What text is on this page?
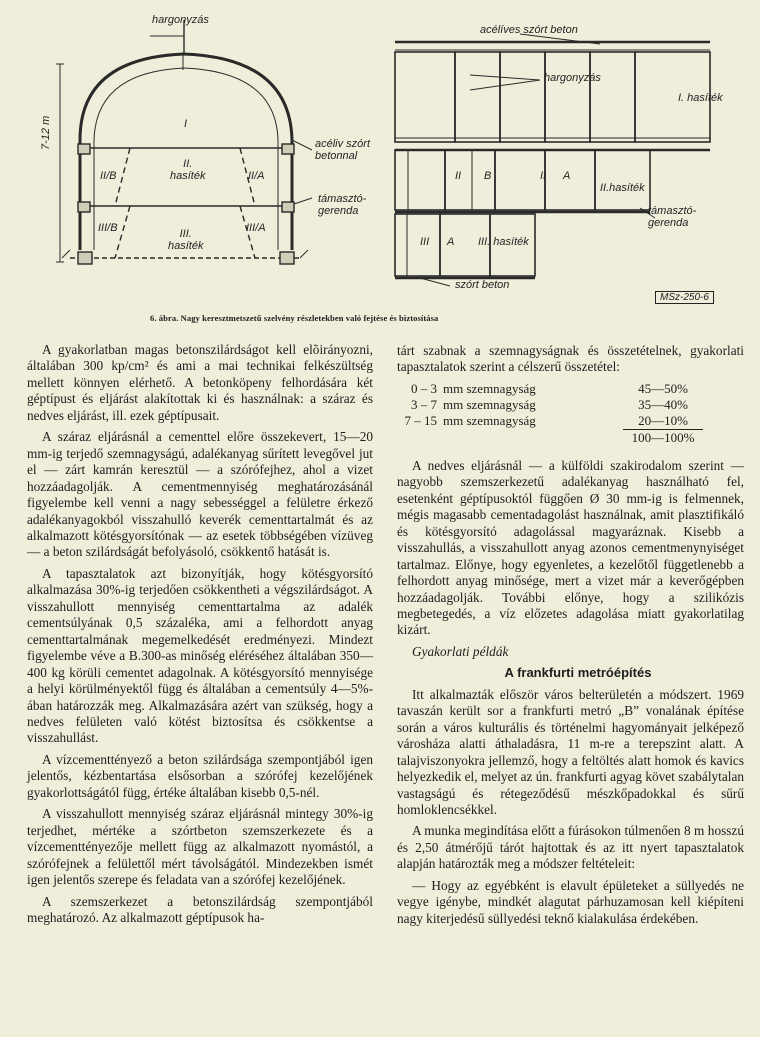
hargonyzás
7-12 m	I
acéliv szórt
betonnal
támasztó-
gerenda
II/B
II.
hasíték	II/A
III/B	III.
hasíték
III/A
acélíves szórt beton
hargonyzás
I. hasíték
II B	II A
II.hasíték
támasztó-
gerenda
III A III. hasíték
szórt beton
MSz-250-6
6. ábra. Nagy keresztmetszetű szelvény részletekben való fejtése és biztosítása

A gyakorlatban magas betonszilárdságot kell elõirányozni, általában 300 kp/cm² és ami a mai technikai felkészültség mellett könnyen elérhető. A betonköpeny felhordására két géptípust és eljárást alakítottak ki és használnak: a száraz és nedves eljárást, ill. ezek géptípusait.

A száraz eljárásnál a cementtel előre összekevert, 15—20 mm-ig terjedő szemnagyságú, adalékanyag sűrített levegővel jut el — zárt kamrán keresztül — a szórófejhez, ahol a vizet hozzáadagolják. A cementmennyiség meghatározásánál figyelembe kell venni a nagy sebességgel a felületre érkező adalékanyagokból visszahulló keverék cementtartalmát és az alkalmazott kötésgyorsítónak — az esetek többségében vízüveg — a beton szilárdságát befolyásoló, csökkentő hatását is.

A tapasztalatok azt bizonyítják, hogy kötésgyorsító alkalmazása 30%-ig terjedően csökkentheti a végszilárdságot. A visszahullott mennyiség cementtartalma az adalék cementsúlyának 0,5 százaléka, ami a felhordott anyag cementtartalmának megemelkedését eredményezi. Mindezt figyelembe véve a B.300-as minőség eléréséhez általában 350—400 kg körüli cementet adagolnak. A kötésgyorsító mennyisége a helyi körülményektől függ és általában a cementsúly 4—5%-ában határozzák meg. Alkalmazására azért van szükség, hogy a nedves felületen való kötést biztosítsa és csökkentse a visszahullást.

A vízcementtényező a beton szilárdsága szempontjából igen jelentős, kézbentartása elsősorban a szórófej kezelőjének gyakorlottságától függ, értéke általában kisebb 0,5-nél.

A visszahullott mennyiség száraz eljárásnál mintegy 30%-ig terjedhet, mértéke a szórtbeton szemszerkezete és a vízcementtényezője mellett függ az alkalmazott nyomástól, a szórófejnek a felülettől mért távolságától. Mindezekben ismét igen jelentős szerepe és feladata van a szórófej kezelőjének.

A szemszerkezet a betonszilárdság szempontjából meghatározó. Az alkalmazott géptípusok ha-

tárt szabnak a szemnagyságnak és összetételnek, gyakorlati tapasztalatok szerint a célszerű összetétel:

0 – 3 mm szemnagyság	45—50%
3 – 7 mm szemnagyság	35—40%
7 – 15 mm szemnagyság	20—10%
100—100%

A nedves eljárásnál — a külföldi szakirodalom szerint — nagyobb szemszerkezetű adalékanyag használható fel, esetenként géptípusoktól függően Ø 30 mm-ig is felmennek, mégis magasabb cementadagolást használnak, amit plasztifikáló és kötésgyorsító adagolással magyaráznak. Kisebb a visszahullás, a visszahullott anyag azonos cementmenynyiséget tartalmaz. Előnye, hogy egyenletes, a kezelőtől függetlenebb a felhordott anyag minősége, mert a vizet már a keverőgépben hozzáadagolják. További előnye, hogy a szilikózis megbetegedés, a víz előzetes adagolása miatt gyakorlatilag kizárt.

Gyakorlati példák

A frankfurti metróépítés

Itt alkalmazták először város belterületén a módszert. 1969 tavaszán került sor a frankfurti metró „B” vonalának építése során a város kulturális és történelmi hagyományait jelképező városháza alatti áthaladásra, 11 m-re a terepszint alatt. A talajviszonyokra jellemző, hogy a feltöltés alatt homok és kavics helyezkedik el, melyet az ún. frankfurti agyag követ szabálytalan vastagságú és rétegeződésű mészkőpadokkal és sűrű homloklencsékkel.

A munka megindítása előtt a fúrásokon túlmenően 8 m hosszú és 2,50 átmérőjű tárót hajtottak és az itt nyert tapasztalatok alapján határozták meg a módszer feltételeit:

— Hogy az egyébként is elavult épületeket a süllyedés ne vegye igénybe, mindkét alagutat párhuzamosan kell kiépíteni nagy kiterjedésű süllyedési teknő kialakulása érdekében.
